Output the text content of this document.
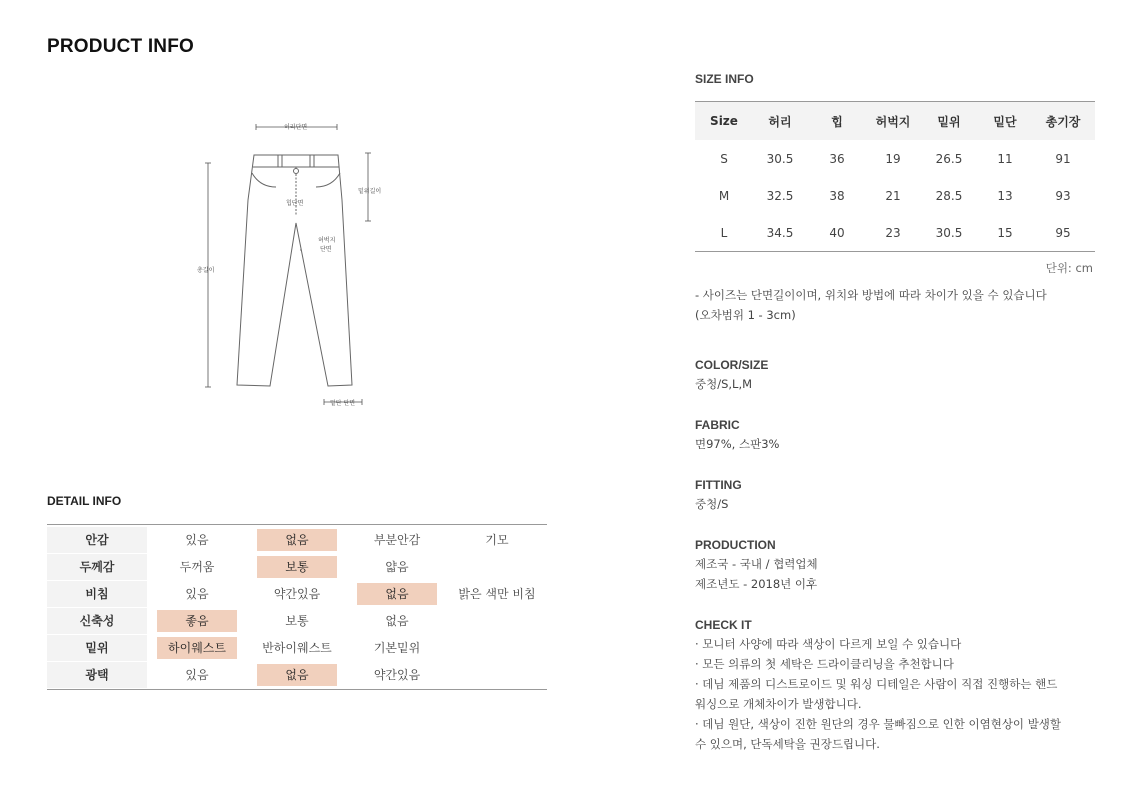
PRODUCT INFO
허리단면
밑위길이
힙단면
허벅지
단면
총길이
밑단 단면
DETAIL INFO
안감	있음	없음	부분안감	기모
두께감	두꺼움	보통	얇음
비침	있음	약간있음	없음	밝은 색만 비침
신축성	좋음	보통	없음
밑위	하이웨스트	반하이웨스트	기본밑위
광택	있음	없음	약간있음
SIZE INFO
Size	허리	힙	허벅지	밑위	밑단	총기장
S	30.5	36	19	26.5	11	91
M	32.5	38	21	28.5	13	93
L	34.5	40	23	30.5	15	95
단위: cm
- 사이즈는 단면길이이며, 위치와 방법에 따라 차이가 있을 수 있습니다
(오차범위 1 - 3cm)
COLOR/SIZE
중청/S,L,M
FABRIC
면97%, 스판3%
FITTING
중청/S
PRODUCTION
제조국 - 국내 / 협력업체
제조년도 - 2018년 이후
CHECK IT
· 모니터 사양에 따라 색상이 다르게 보일 수 있습니다
· 모든 의류의 첫 세탁은 드라이클리닝을 추천합니다
· 데님 제품의 디스트로이드 및 워싱 디테일은 사람이 직접 진행하는 핸드
워싱으로 개체차이가 발생합니다.
· 데님 원단, 색상이 진한 원단의 경우 물빠짐으로 인한 이염현상이 발생할
수 있으며, 단독세탁을 권장드립니다.
